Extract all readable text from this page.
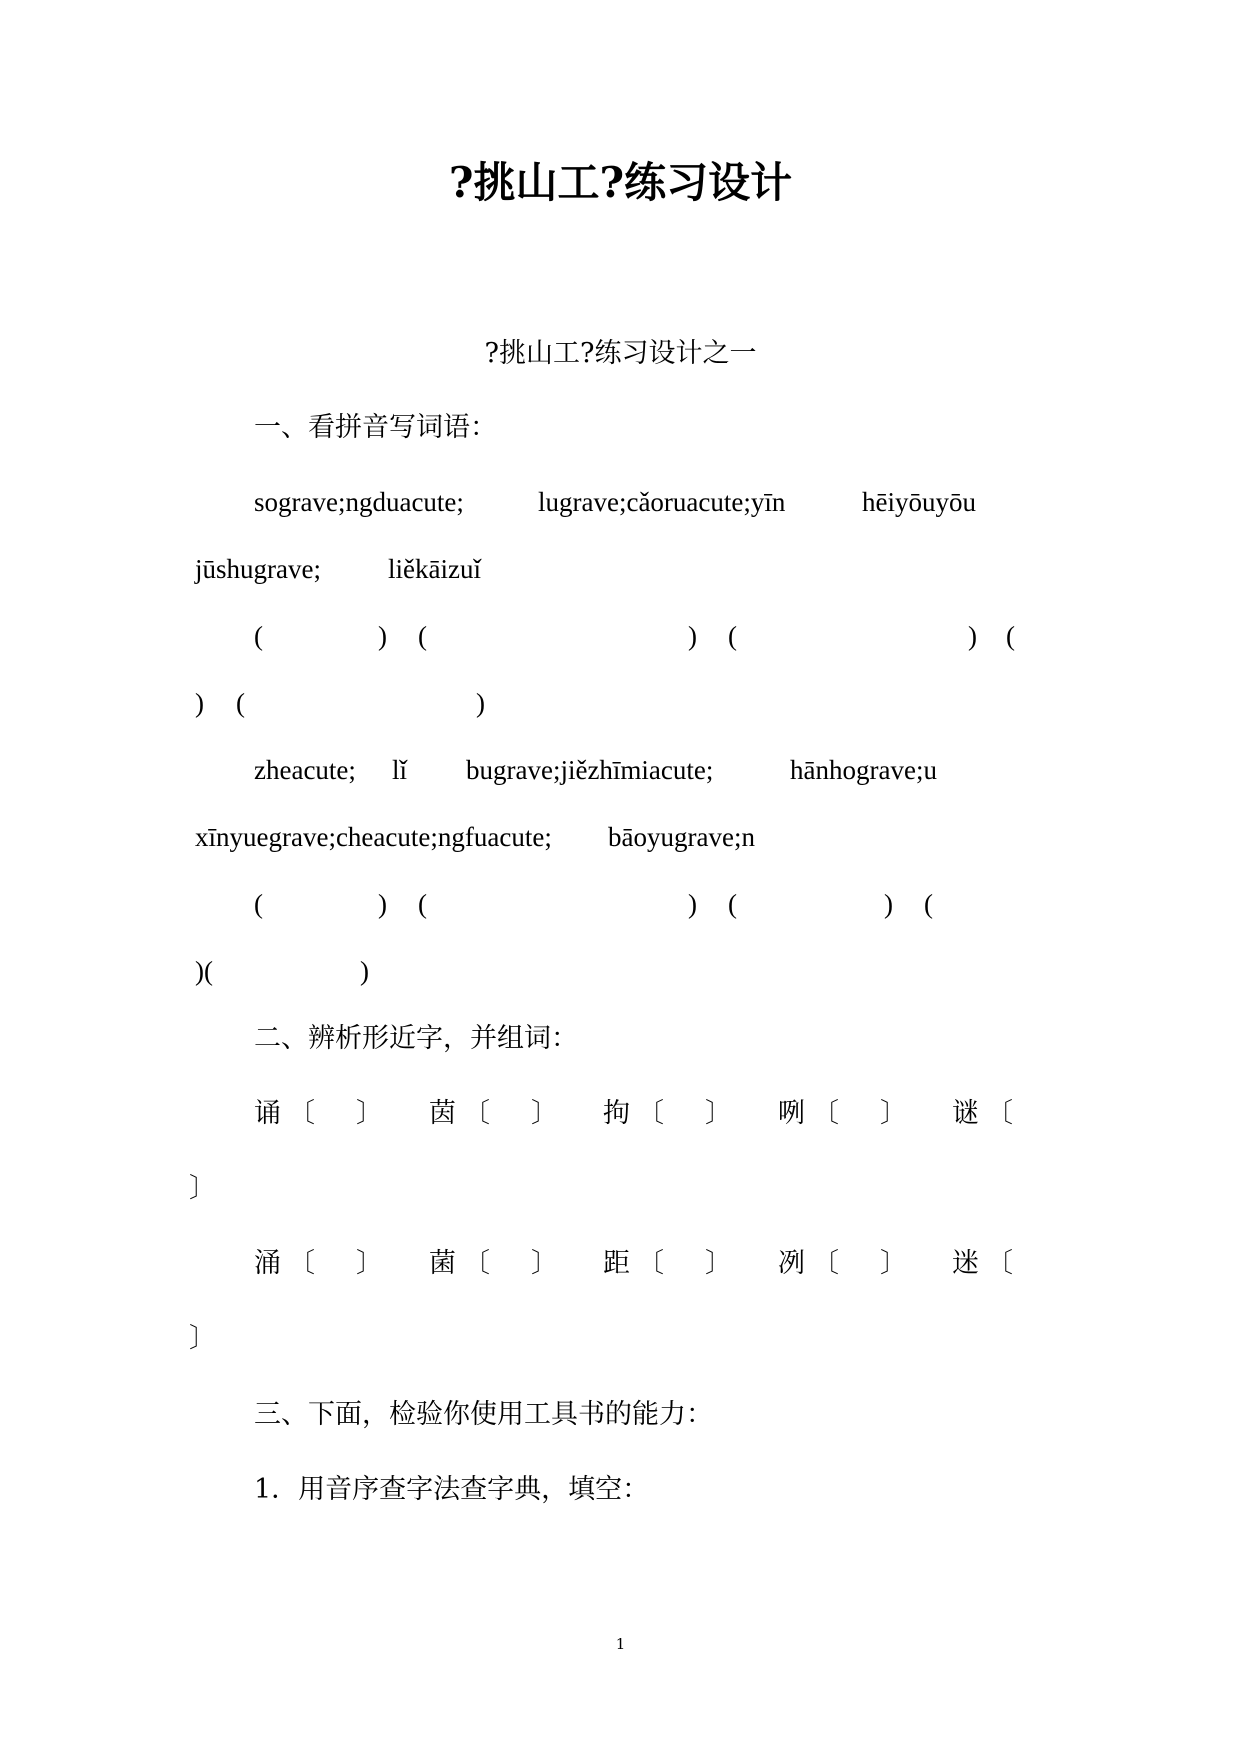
?挑山工?练习设计
?挑山工?练习设计之一
一、看拼音写词语：
sograve;ngduacute;	lugrave;cǎoruacute;yīn	hēiyōuyōu
jūshugrave; liěkāizuǐ
(	) (	) (	) (
) (	)
zheacute; lǐ bugrave;jiězhīmiacute;	hānhograve;u
xīnyuegrave;cheacute;ngfuacute; bāoyugrave;n
(	) (	) (	) (
)(	)
二、辨析形近字，并组词：
诵 〔 〕 茵 〔 〕 拘 〔 〕 咧 〔 〕 谜 〔
〕
涌 〔 〕 菌 〔 〕 距 〔 〕 冽 〔 〕 迷 〔
〕
三、下面，检验你使用工具书的能力：
1．用音序查字法查字典，填空：
1
